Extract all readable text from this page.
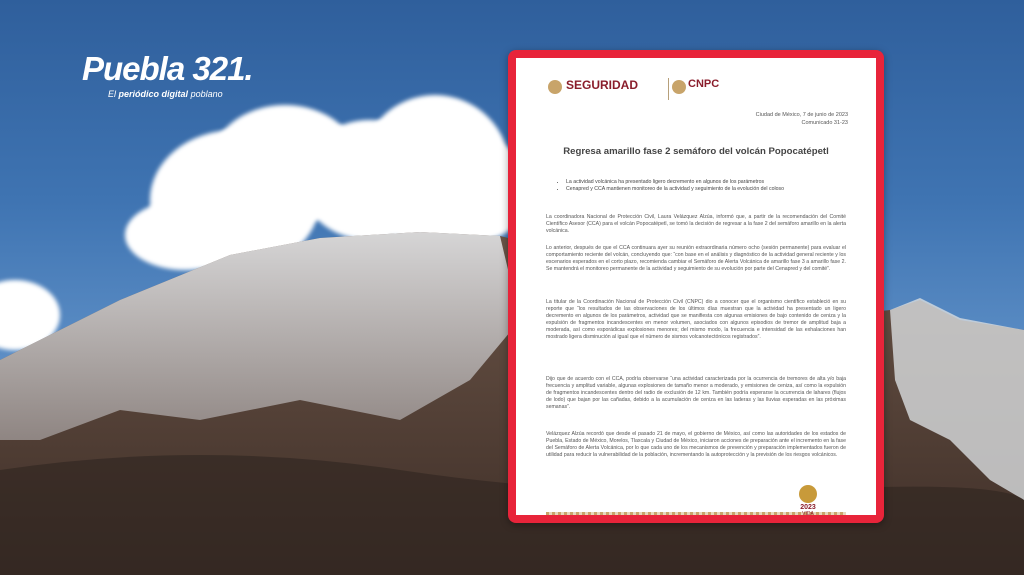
Puebla 321.
El periódico digital poblano
SEGURIDAD	CNPC
Ciudad de México, 7 de junio de 2023
Comunicado 31-23
Regresa amarillo fase 2 semáforo del volcán Popocatépetl
• La actividad volcánica ha presentado ligero decremento en algunos de los parámetros
• Cenapred y CCA mantienen monitoreo de la actividad y seguimiento de la evolución del coloso

La coordinadora Nacional de Protección Civil, Laura Velázquez Alzúa, informó que, a partir de la recomendación del Comité Científico Asesor (CCA) para el volcán Popocatépetl, se tomó la decisión de regresar a la fase 2 del semáforo amarillo en la alerta volcánica.

Lo anterior, después de que el CCA continuara ayer su reunión extraordinaria número ocho (sesión permanente) para evaluar el comportamiento reciente del volcán, concluyendo que: “con base en el análisis y diagnóstico de la actividad general reciente y los escenarios esperados en el corto plazo, recomienda cambiar el Semáforo de Alerta Volcánica de amarillo fase 3 a amarillo fase 2. Se mantendrá el monitoreo permanente de la actividad y seguimiento de su evolución por parte del Cenapred y del comité”.

La titular de la Coordinación Nacional de Protección Civil (CNPC) dio a conocer que el organismo científico estableció en su reporte que “los resultados de las observaciones de los últimos días muestran que la actividad ha presentado un ligero decremento en algunos de los parámetros, actividad que se manifiesta con algunas emisiones de bajo contenido de ceniza y la expulsión de fragmentos incandescentes en menor volumen, asociados con algunos episodios de tremor de amplitud baja a moderada, así como esporádicas explosiones menores; del mismo modo, la frecuencia e intensidad de las exhalaciones han mostrado ligera disminución al igual que el número de sismos volcanotectónicos registrados”.

Dijo que de acuerdo con el CCA, podría observarse “una actividad caracterizada por la ocurrencia de tremores de alta y/o baja frecuencia y amplitud variable, algunas explosiones de tamaño menor a moderado, y emisiones de ceniza, así como la expulsión de fragmentos incandescentes dentro del radio de exclusión de 12 km. También podría esperarse la ocurrencia de lahares (flujos de lodo) que bajan por las cañadas, debido a la acumulación de ceniza en las laderas y las lluvias esperadas en las próximas semanas”.

Velázquez Alzúa recordó que desde el pasado 21 de mayo, el gobierno de México, así como las autoridades de los estados de Puebla, Estado de México, Morelos, Tlaxcala y Ciudad de México, iniciaron acciones de preparación ante el incremento en la fase del Semáforo de Alerta Volcánica, por lo que cada uno de los mecanismos de prevención y preparación implementados fueron de utilidad para reducir la vulnerabilidad de la población, incrementando la autoprotección y la previsión de los riesgos volcánicos.

2023
VIDA
